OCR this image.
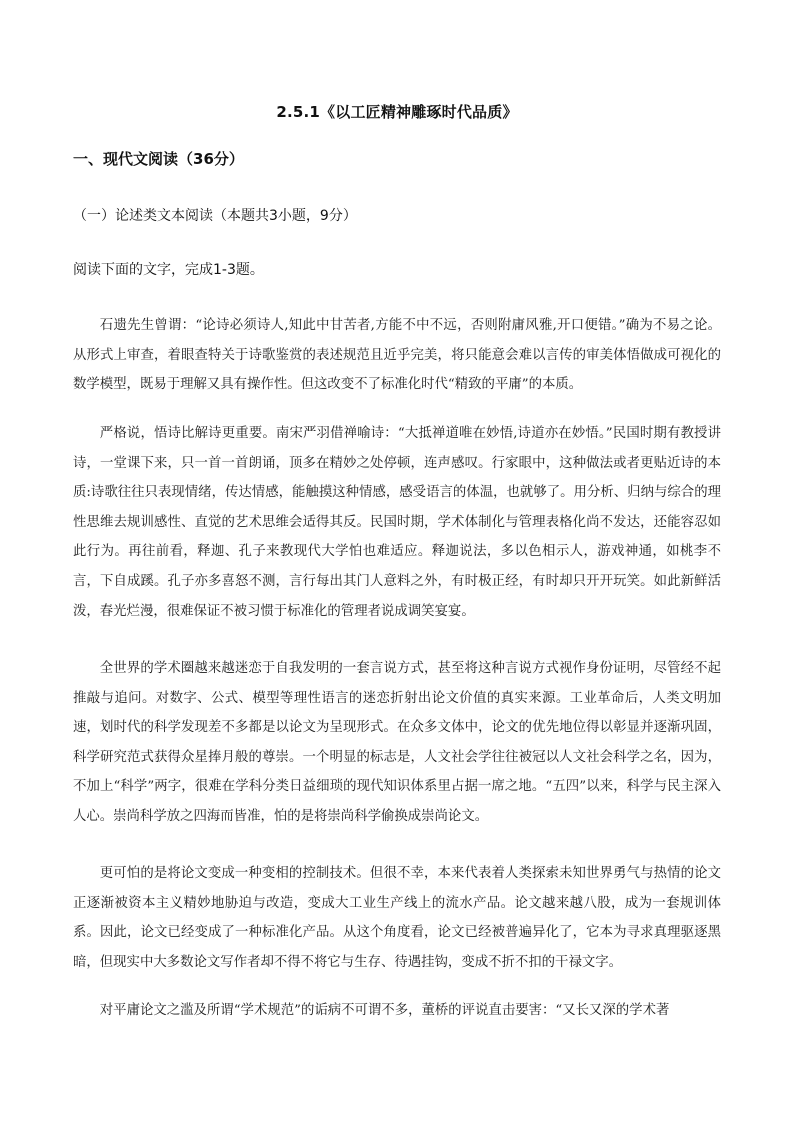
2.5.1《以工匠精神雕琢时代品质》
一、现代文阅读（36分）
（一）论述类文本阅读（本题共3小题，9分）
阅读下面的文字，完成1-3题。

石遗先生曾谓：“论诗必须诗人,知此中甘苦者,方能不中不远，否则附庸风雅,开口便错。”确为不易之论。从形式上审查，着眼查特关于诗歌鉴赏的表述规范且近乎完美，将只能意会难以言传的审美体悟做成可视化的数学模型，既易于理解又具有操作性。但这改变不了标准化时代“精致的平庸”的本质。

严格说，悟诗比解诗更重要。南宋严羽借禅喻诗：“大抵禅道唯在妙悟,诗道亦在妙悟。”民国时期有教授讲诗，一堂课下来，只一首一首朗诵，顶多在精妙之处停顿，连声感叹。行家眼中，这种做法或者更贴近诗的本质:诗歌往往只表现情绪，传达情感，能触摸这种情感，感受语言的体温，也就够了。用分析、归纳与综合的理性思维去规训感性、直觉的艺术思维会适得其反。民国时期，学术体制化与管理表格化尚不发达，还能容忍如此行为。再往前看，释迦、孔子来教现代大学怕也难适应。释迦说法，多以色相示人，游戏神通，如桃李不言，下自成蹊。孔子亦多喜怒不测，言行每出其门人意料之外，有时极正经，有时却只开开玩笑。如此新鲜活泼，春光烂漫，很难保证不被习惯于标准化的管理者说成调笑宴宴。

全世界的学术圈越来越迷恋于自我发明的一套言说方式，甚至将这种言说方式视作身份证明，尽管经不起推敲与追问。对数字、公式、模型等理性语言的迷恋折射出论文价值的真实来源。工业革命后，人类文明加速，划时代的科学发现差不多都是以论文为呈现形式。在众多文体中，论文的优先地位得以彰显并逐渐巩固，科学研究范式获得众星捧月般的尊崇。一个明显的标志是，人文社会学往往被冠以人文社会科学之名，因为，不加上“科学”两字，很难在学科分类日益细琐的现代知识体系里占据一席之地。“五四”以来，科学与民主深入人心。崇尚科学放之四海而皆准，怕的是将崇尚科学偷换成崇尚论文。

更可怕的是将论文变成一种变相的控制技术。但很不幸，本来代表着人类探索未知世界勇气与热情的论文正逐渐被资本主义精妙地胁迫与改造，变成大工业生产线上的流水产品。论文越来越八股，成为一套规训体系。因此，论文已经变成了一种标准化产品。从这个角度看，论文已经被普遍异化了，它本为寻求真理驱逐黑暗，但现实中大多数论文写作者却不得不将它与生存、待遇挂钩，变成不折不扣的干禄文字。

对平庸论文之滥及所谓“学术规范”的诟病不可谓不多，董桥的评说直击要害：“又长又深的学术著
